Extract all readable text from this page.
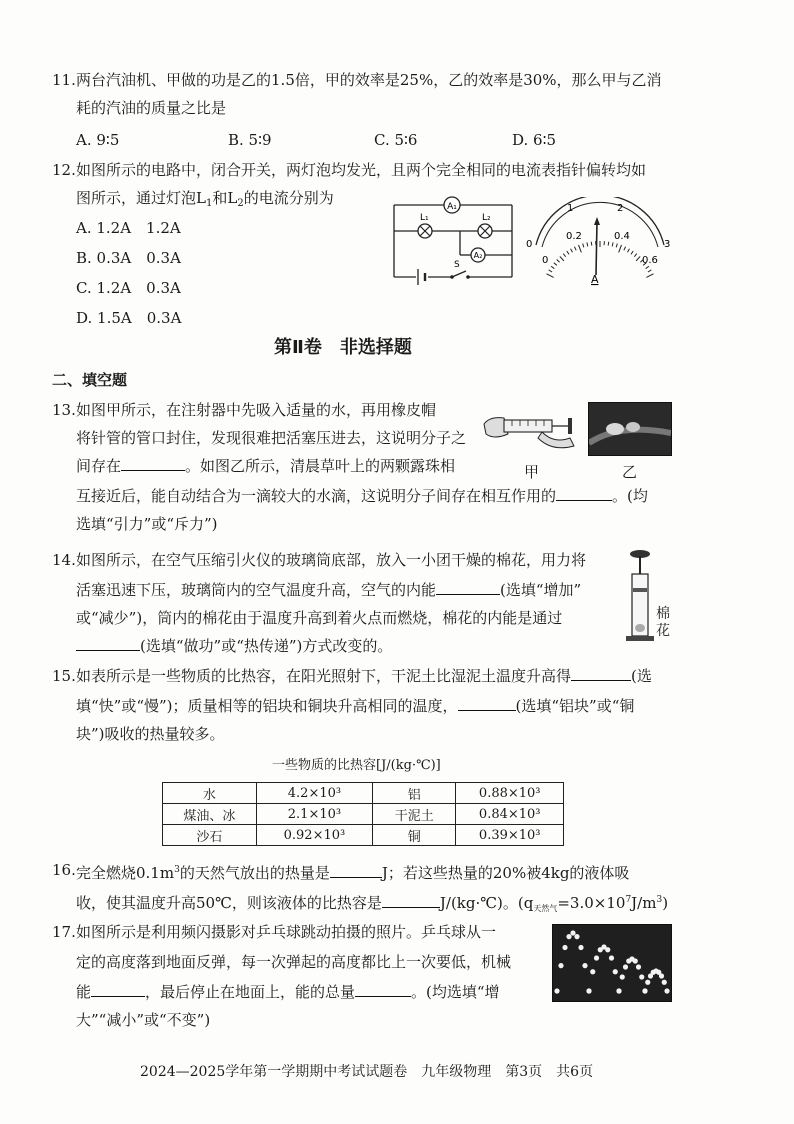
11. 两台汽油机、甲做的功是乙的1.5倍，甲的效率是25%，乙的效率是30%，那么甲与乙消
耗的汽油的质量之比是
A. 9∶5	B. 5∶9	C. 5∶6	D. 6∶5
12. 如图所示的电路中，闭合开关，两灯泡均发光，且两个完全相同的电流表指针偏转均如
图所示，通过灯泡$L_1$和$L_2$的电流分别为
A. 1.2A　1.2A
B. 0.3A　0.3A
C. 1.2A　0.3A
D. 1.5A　0.3A
A₁
L₁	L₂
A₂
S
0
1	2
3
0
0.2	0.4
0.6
A
第Ⅱ卷　非选择题
二、填空题
13. 如图甲所示，在注射器中先吸入适量的水，再用橡皮帽
将针管的管口封住，发现很难把活塞压进去，这说明分子之
间存在	。如图乙所示，清晨草叶上的两颗露珠相
互接近后，能自动结合为一滴较大的水滴，这说明分子间存在相互作用的	。(均
选填“引力”或“斥力”)
甲	乙
14. 如图所示，在空气压缩引火仪的玻璃筒底部，放入一小团干燥的棉花，用力将
活塞迅速下压，玻璃筒内的空气温度升高，空气的内能	(选填“增加”
或“减少”)，筒内的棉花由于温度升高到着火点而燃烧，棉花的内能是通过
(选填“做功”或“热传递”)方式改变的。
棉花
15. 如表所示是一些物质的比热容，在阳光照射下，干泥土比湿泥土温度升高得	(选
填“快”或“慢”)；质量相等的铝块和铜块升高相同的温度，	(选填“铝块”或“铜
块”)吸收的热量较多。
一些物质的比热容[J/(kg·℃)]
水	4.2×10³	铝	0.88×10³
煤油、冰	2.1×10³	干泥土	0.84×10³
沙石	0.92×10³	铜	0.39×10³
16. 完全燃烧$0.1m^3$的天然气放出的热量是	J；若这些热量的20%被4kg的液体吸
收，使其温度升高50℃，则该液体的比热容是	J/(kg·℃)。$(q_{天然气}=3.0\times 10^7J/m^3)$
17. 如图所示是利用频闪摄影对乒乓球跳动拍摄的照片。乒乓球从一
定的高度落到地面反弹，每一次弹起的高度都比上一次要低，机械
能	，最后停止在地面上，能的总量	。(均选填“增
大”“减小”或“不变”)
2024—2025学年第一学期期中考试试题卷　九年级物理　第3页　共6页
